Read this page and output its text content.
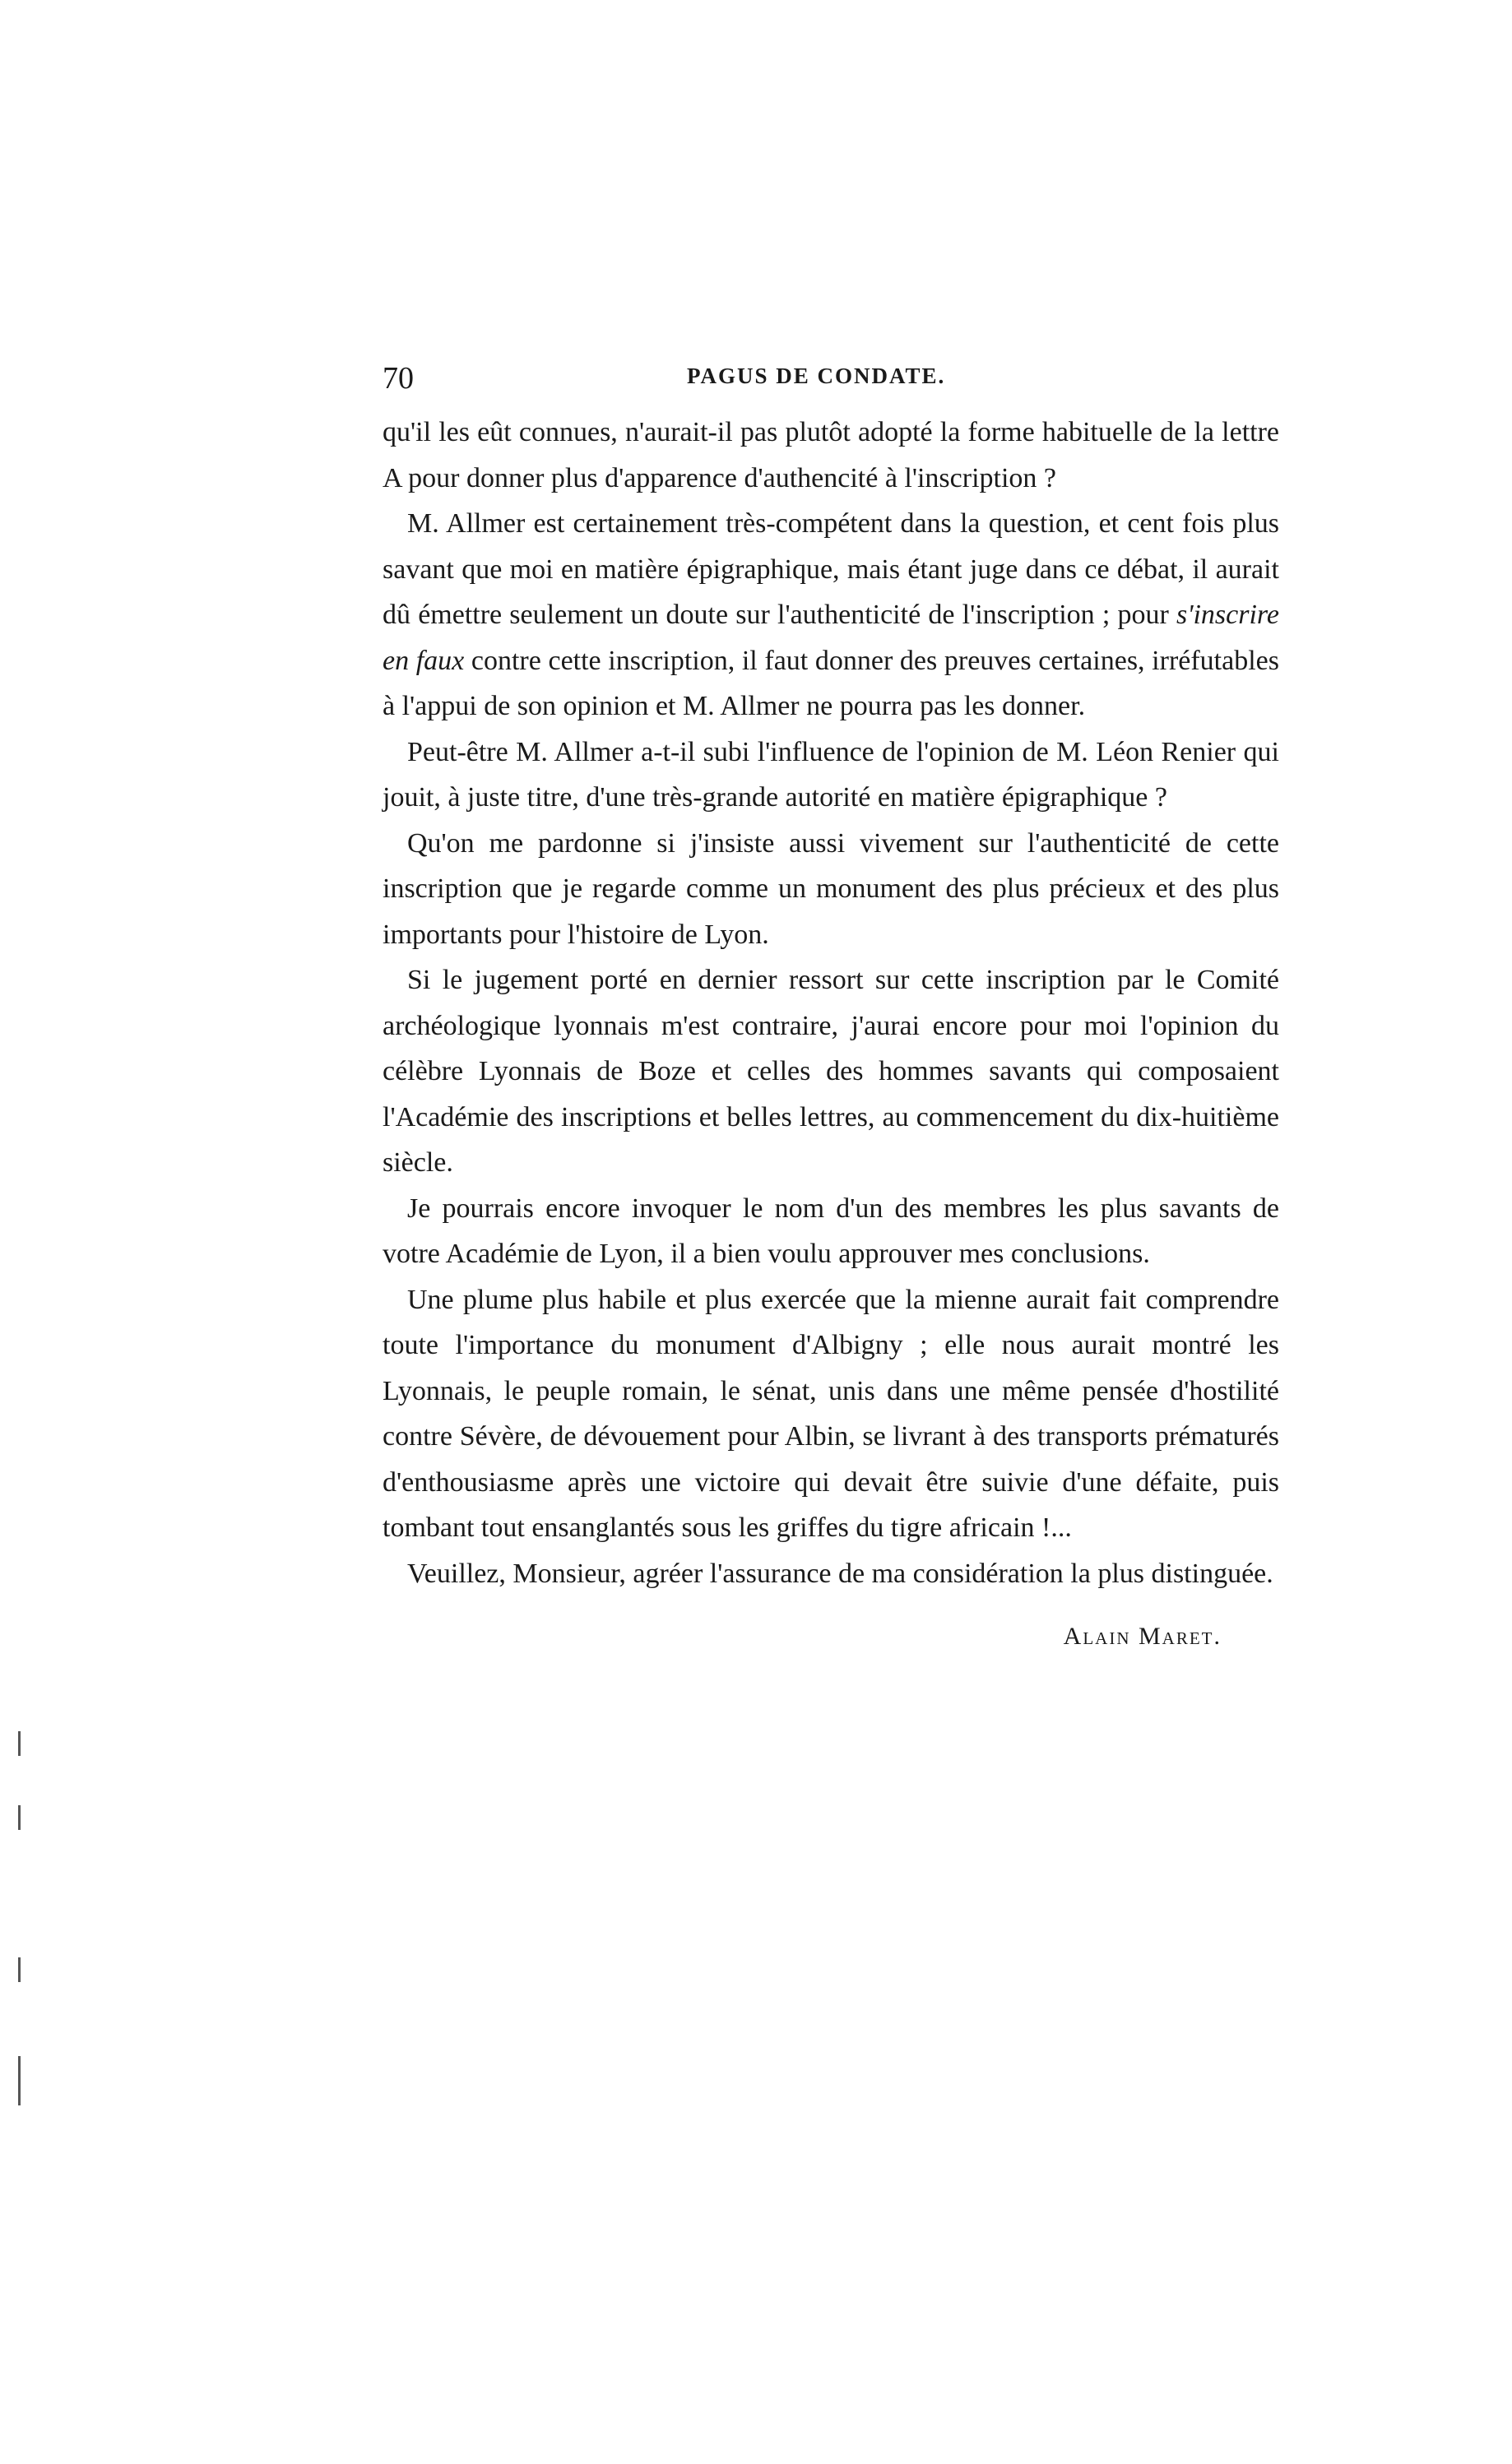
70	PAGUS DE CONDATE.

qu'il les eût connues, n'aurait-il pas plutôt adopté la forme habituelle de la lettre A pour donner plus d'apparence d'authencité à l'inscription ?

M. Allmer est certainement très-compétent dans la question, et cent fois plus savant que moi en matière épigraphique, mais étant juge dans ce débat, il aurait dû émettre seulement un doute sur l'authenticité de l'inscription ; pour s'inscrire en faux contre cette inscription, il faut donner des preuves certaines, irréfutables à l'appui de son opinion et M. Allmer ne pourra pas les donner.

Peut-être M. Allmer a-t-il subi l'influence de l'opinion de M. Léon Renier qui jouit, à juste titre, d'une très-grande autorité en matière épigraphique ?

Qu'on me pardonne si j'insiste aussi vivement sur l'authenticité de cette inscription que je regarde comme un monument des plus précieux et des plus importants pour l'histoire de Lyon.

Si le jugement porté en dernier ressort sur cette inscription par le Comité archéologique lyonnais m'est contraire, j'aurai encore pour moi l'opinion du célèbre Lyonnais de Boze et celles des hommes savants qui composaient l'Académie des inscriptions et belles lettres, au commencement du dix-huitième siècle.

Je pourrais encore invoquer le nom d'un des membres les plus savants de votre Académie de Lyon, il a bien voulu approuver mes conclusions.

Une plume plus habile et plus exercée que la mienne aurait fait comprendre toute l'importance du monument d'Albigny ; elle nous aurait montré les Lyonnais, le peuple romain, le sénat, unis dans une même pensée d'hostilité contre Sévère, de dévouement pour Albin, se livrant à des transports prématurés d'enthousiasme après une victoire qui devait être suivie d'une défaite, puis tombant tout ensanglantés sous les griffes du tigre africain !...

Veuillez, Monsieur, agréer l'assurance de ma considération la plus distinguée.

Alain Maret.
